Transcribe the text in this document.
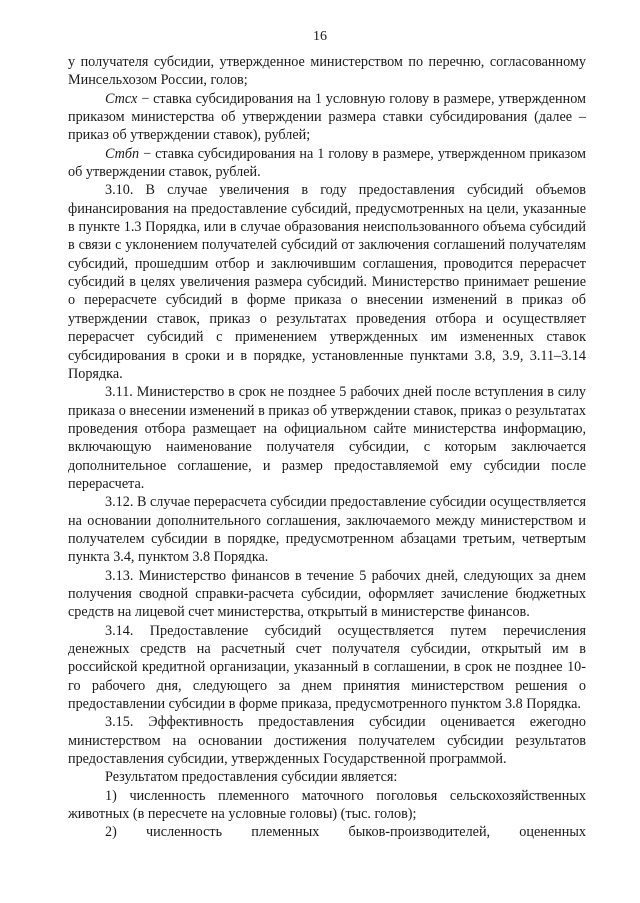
16

у получателя субсидии, утвержденное министерством по перечню, согласованному Минсельхозом России, голов;

Стсх − ставка субсидирования на 1 условную голову в размере, утвержденном приказом министерства об утверждении размера ставки субсидирования (далее – приказ об утверждении ставок), рублей;

Стбп − ставка субсидирования на 1 голову в размере, утвержденном приказом об утверждении ставок, рублей.

3.10. В случае увеличения в году предоставления субсидий объемов финансирования на предоставление субсидий, предусмотренных на цели, указанные в пункте 1.3 Порядка, или в случае образования неиспользованного объема субсидий в связи с уклонением получателей субсидий от заключения соглашений получателям субсидий, прошедшим отбор и заключившим соглашения, проводится перерасчет субсидий в целях увеличения размера субсидий. Министерство принимает решение о перерасчете субсидий в форме приказа о внесении изменений в приказ об утверждении ставок, приказ о результатах проведения отбора и осуществляет перерасчет субсидий с применением утвержденных им измененных ставок субсидирования в сроки и в порядке, установленные пунктами 3.8, 3.9, 3.11–3.14 Порядка.

3.11. Министерство в срок не позднее 5 рабочих дней после вступления в силу приказа о внесении изменений в приказ об утверждении ставок, приказ о результатах проведения отбора размещает на официальном сайте министерства информацию, включающую наименование получателя субсидии, с которым заключается дополнительное соглашение, и размер предоставляемой ему субсидии после перерасчета.

3.12. В случае перерасчета субсидии предоставление субсидии осуществляется на основании дополнительного соглашения, заключаемого между министерством и получателем субсидии в порядке, предусмотренном абзацами третьим, четвертым пункта 3.4, пунктом 3.8 Порядка.

3.13. Министерство финансов в течение 5 рабочих дней, следующих за днем получения сводной справки-расчета субсидии, оформляет зачисление бюджетных средств на лицевой счет министерства, открытый в министерстве финансов.

3.14. Предоставление субсидий осуществляется путем перечисления денежных средств на расчетный счет получателя субсидии, открытый им в российской кредитной организации, указанный в соглашении, в срок не позднее 10-го рабочего дня, следующего за днем принятия министерством решения о предоставлении субсидии в форме приказа, предусмотренного пунктом 3.8 Порядка.

3.15. Эффективность предоставления субсидии оценивается ежегодно министерством на основании достижения получателем субсидии результатов предоставления субсидии, утвержденных Государственной программой.

Результатом предоставления субсидии является:

1) численность племенного маточного поголовья сельскохозяйственных животных (в пересчете на условные головы) (тыс. голов);

2) численность племенных быков-производителей, оцененных
